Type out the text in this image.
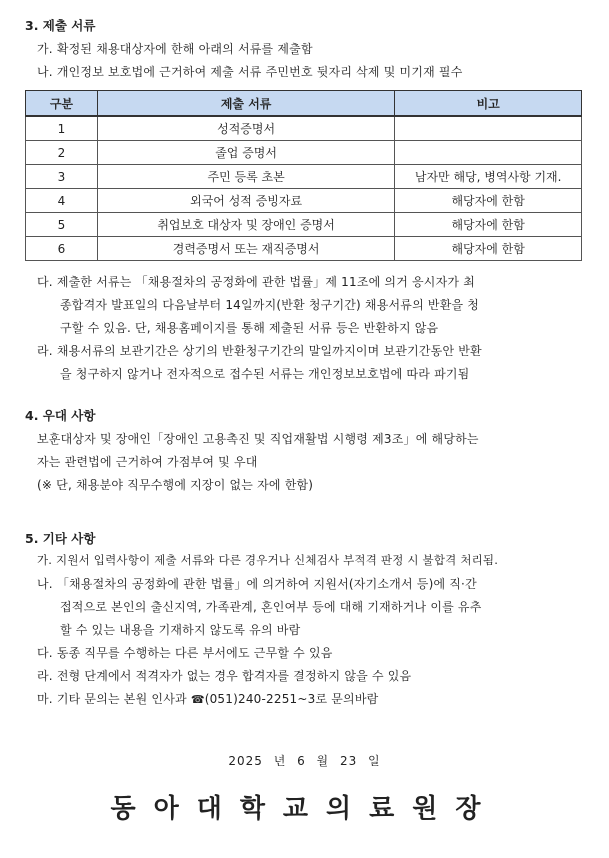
3. 제출 서류
가. 확정된 채용대상자에 한해 아래의 서류를 제출함
나. 개인정보 보호법에 근거하여 제출 서류 주민번호 뒷자리 삭제 및 미기재 필수
구분	제출 서류	비고
1	성적증명서	
2	졸업 증명서	
3	주민 등록 초본	남자만 해당, 병역사항 기재.
4	외국어 성적 증빙자료	해당자에 한함
5	취업보호 대상자 및 장애인 증명서	해당자에 한함
6	경력증명서 또는 재직증명서	해당자에 한함
다. 제출한 서류는 「채용절차의 공정화에 관한 법률」제 11조에 의거 응시자가 최
종합격자 발표일의 다음날부터 14일까지(반환 청구기간) 채용서류의 반환을 청
구할 수 있음. 단, 채용홈페이지를 통해 제출된 서류 등은 반환하지 않음
라. 채용서류의 보관기간은 상기의 반환청구기간의 말일까지이며 보관기간동안 반환
을 청구하지 않거나 전자적으로 접수된 서류는 개인정보보호법에 따라 파기됨
4. 우대 사항
보훈대상자 및 장애인「장애인 고용촉진 및 직업재활법 시행령 제3조」에 해당하는
자는 관련법에 근거하여 가점부여 및 우대
(※ 단, 채용분야 직무수행에 지장이 없는 자에 한함)
5. 기타 사항
가. 지원서 입력사항이 제출 서류와 다른 경우거나 신체검사 부적격 판정 시 불합격 처리됨.
나. 「채용절차의 공정화에 관한 법률」에 의거하여 지원서(자기소개서 등)에 직·간
접적으로 본인의 출신지역, 가족관계, 혼인여부 등에 대해 기재하거나 이를 유추
할 수 있는 내용을 기재하지 않도록 유의 바람
다. 동종 직무를 수행하는 다른 부서에도 근무할 수 있음
라. 전형 단계에서 적격자가 없는 경우 합격자를 결정하지 않을 수 있음
마. 기타 문의는 본원 인사과 ☎(051)240-2251~3로 문의바람
2025 년 6 월 23 일
동아대학교의료원장
